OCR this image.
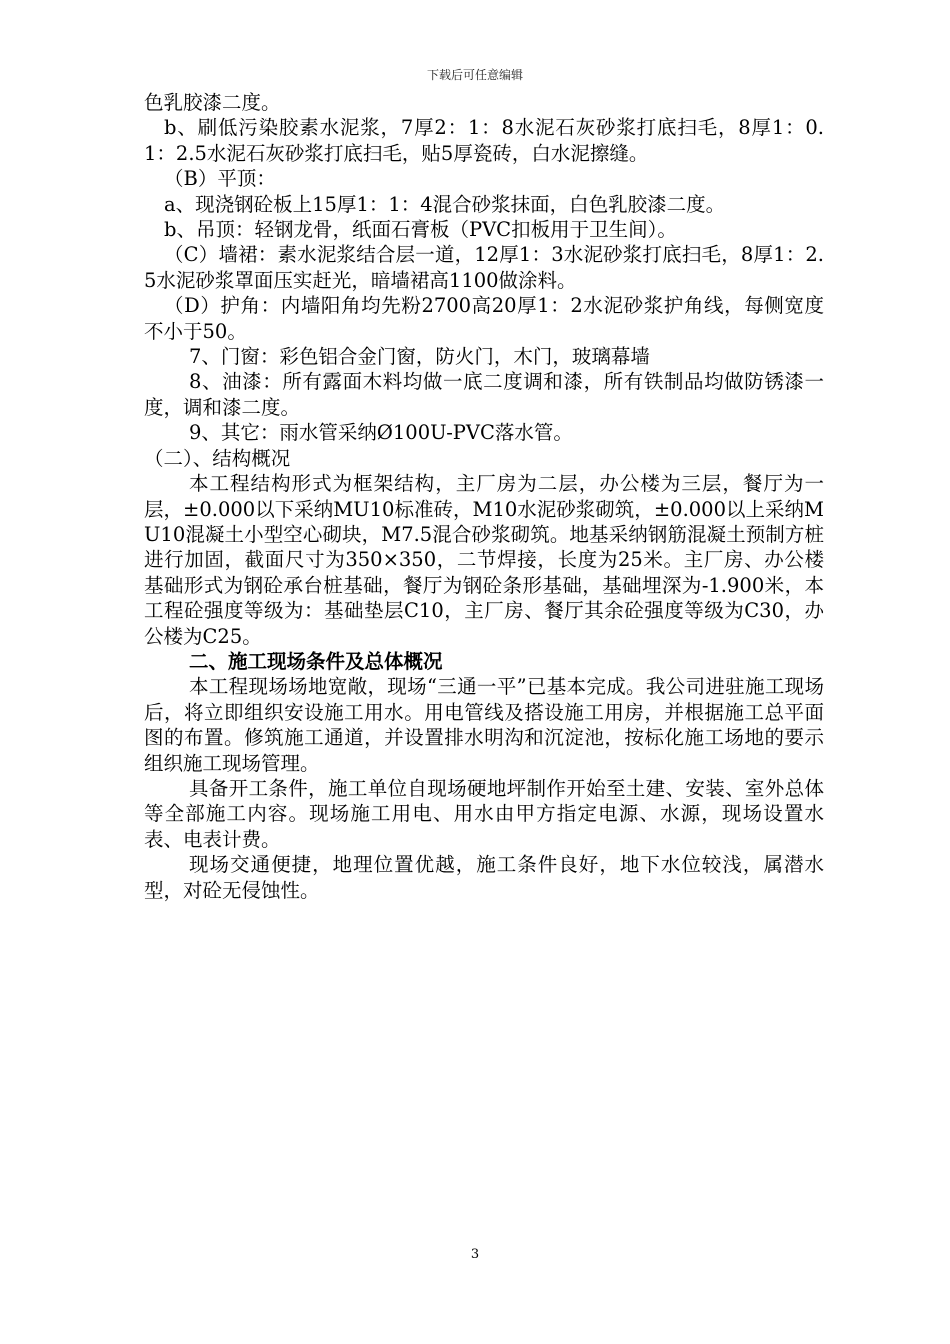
下载后可任意编辑

色乳胶漆二度。

b、刷低污染胶素水泥浆，7厚2：1：8水泥石灰砂浆打底扫毛，8厚1：0.1：2.5水泥石灰砂浆打底扫毛，贴5厚瓷砖，白水泥擦缝。

（B）平顶：

a、现浇钢砼板上15厚1：1：4混合砂浆抹面，白色乳胶漆二度。

b、吊顶：轻钢龙骨，纸面石膏板（PVC扣板用于卫生间）。

（C）墙裙：素水泥浆结合层一道，12厚1：3水泥砂浆打底扫毛，8厚1：2.5水泥砂浆罩面压实赶光，暗墙裙高1100做涂料。

（D）护角：内墙阳角均先粉2700高20厚1：2水泥砂浆护角线，每侧宽度不小于50。

7、门窗：彩色铝合金门窗，防火门，木门，玻璃幕墙

8、油漆：所有露面木料均做一底二度调和漆，所有铁制品均做防锈漆一度，调和漆二度。

9、其它：雨水管采纳Ø100U-PVC落水管。

（二）、结构概况

本工程结构形式为框架结构，主厂房为二层，办公楼为三层，餐厅为一层，±0.000以下采纳MU10标准砖，M10水泥砂浆砌筑，±0.000以上采纳MU10混凝土小型空心砌块，M7.5混合砂浆砌筑。地基采纳钢筋混凝土预制方桩进行加固，截面尺寸为350×350，二节焊接，长度为25米。主厂房、办公楼基础形式为钢砼承台桩基础，餐厅为钢砼条形基础，基础埋深为-1.900米，本工程砼强度等级为：基础垫层C10，主厂房、餐厅其余砼强度等级为C30，办公楼为C25。

二、施工现场条件及总体概况

本工程现场场地宽敞，现场“三通一平”已基本完成。我公司进驻施工现场后，将立即组织安设施工用水。用电管线及搭设施工用房，并根据施工总平面图的布置。修筑施工通道，并设置排水明沟和沉淀池，按标化施工场地的要示组织施工现场管理。

具备开工条件，施工单位自现场硬地坪制作开始至土建、安装、室外总体等全部施工内容。现场施工用电、用水由甲方指定电源、水源，现场设置水表、电表计费。

现场交通便捷，地理位置优越，施工条件良好，地下水位较浅，属潜水型，对砼无侵蚀性。

3
